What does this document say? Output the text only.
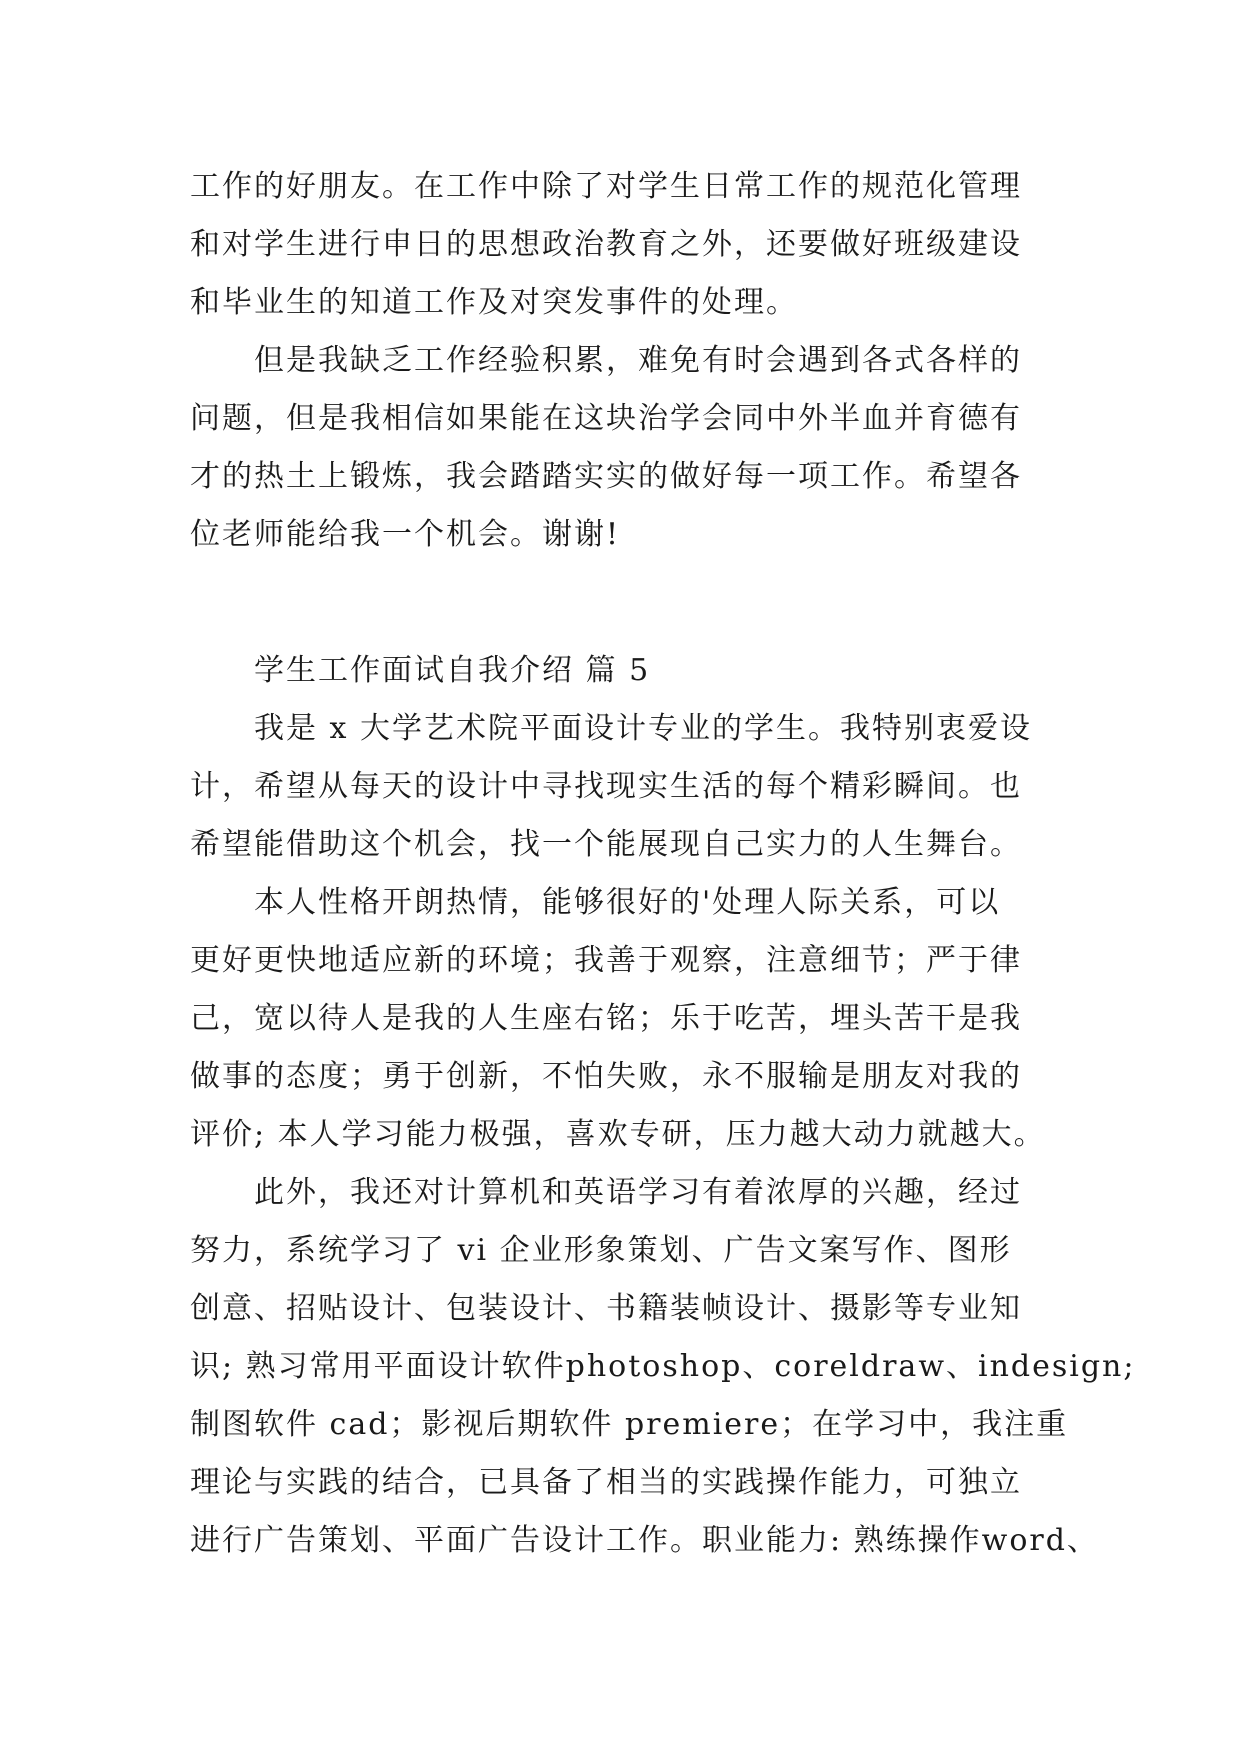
工作的好朋友。在工作中除了对学生日常工作的规范化管理
和对学生进行申日的思想政治教育之外，还要做好班级建设
和毕业生的知道工作及对突发事件的处理。
但是我缺乏工作经验积累，难免有时会遇到各式各样的
问题，但是我相信如果能在这块治学会同中外半血并育德有
才的热土上锻炼，我会踏踏实实的做好每一项工作。希望各
位老师能给我一个机会。谢谢!
学生工作面试自我介绍 篇 5
我是 x 大学艺术院平面设计专业的学生。我特别衷爱设
计，希望从每天的设计中寻找现实生活的每个精彩瞬间。也
希望能借助这个机会，找一个能展现自己实力的人生舞台。
本人性格开朗热情，能够很好的'处理人际关系，可以
更好更快地适应新的环境；我善于观察，注意细节；严于律
己，宽以待人是我的人生座右铭；乐于吃苦，埋头苦干是我
做事的态度；勇于创新，不怕失败，永不服输是朋友对我的
评价; 本人学习能力极强，喜欢专研，压力越大动力就越大。
此外，我还对计算机和英语学习有着浓厚的兴趣，经过
努力，系统学习了 vi 企业形象策划、广告文案写作、图形
创意、招贴设计、包装设计、书籍装帧设计、摄影等专业知
识; 熟习常用平面设计软件photoshop、coreldraw、indesign;
制图软件 cad；影视后期软件 premiere；在学习中，我注重
理论与实践的结合，已具备了相当的实践操作能力，可独立
进行广告策划、平面广告设计工作。职业能力: 熟练操作word、
